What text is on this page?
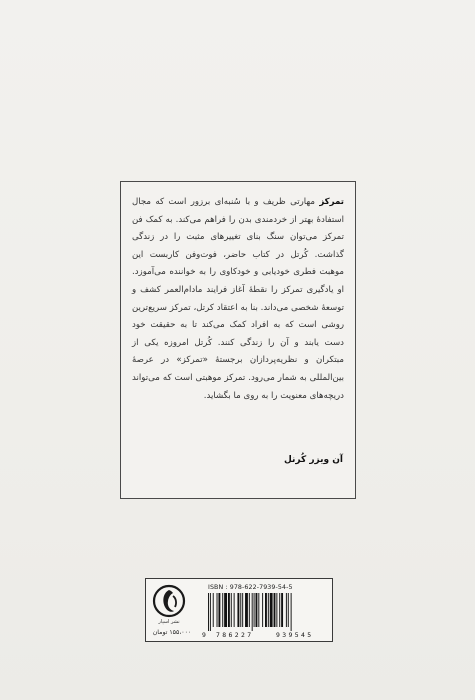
تمرکز مهارتی ظریف و با سُنبه‌ای برزور است که مجال استفادهٔ بهتر از خردمندی بدن را فراهم می‌کند. به کمک فن تمرکز می‌توان سنگ بنای تغییرهای مثبت را در زندگی گذاشت. کُرتل در کتاب حاضر، فوت‌وفن کاربست این موهبت فطری خودیابی و خودکاوی را به خواننده می‌آموزد. او یادگیری تمرکز را نقطهٔ آغاز فرایند مادام‌العمر کشف و توسعهٔ شخصی می‌داند. بنا به اعتقاد کرتل، تمرکز سریع‌ترین روشی است که به افراد کمک می‌کند تا به حقیقت خود دست یابند و آن را زندگی کنند. کُرتل امروزه یکی از مبتکران و نظریه‌پردازان برجستهٔ «تمرکز» در عرصهٔ بین‌المللی به شمار می‌رود. تمرکز موهبتی است که می‌تواند دریچه‌های معنویت را به روی ما بگشاید.

آن ویزر کُرنل
نشر اسپار
۱۵۵،۰۰۰ تومان
ISBN : 978-622-7939-54-5
9 786227	939545
